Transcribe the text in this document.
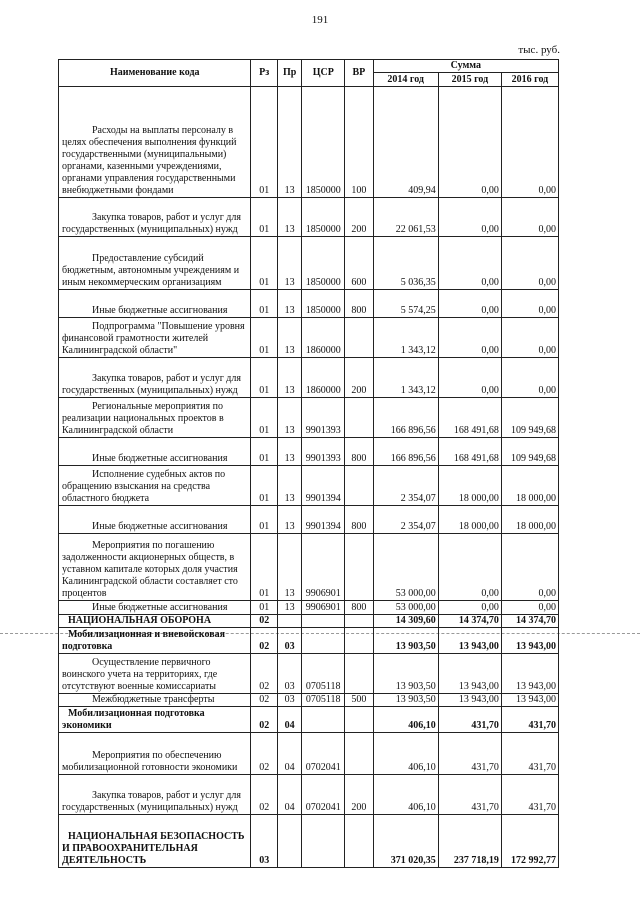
191
тыс. руб.
Наименование кода	Рз	Пр	ЦСР	ВР	Сумма		
					2014 год	2015 год	2016 год
Расходы на выплаты персоналу в целях обеспечения выполнения функций государственными (муниципальными) органами, казенными учреждениями, органами управления государственными внебюджетными фондами	01	13	1850000	100	409,94	0,00	0,00
Закупка товаров, работ и услуг для государственных (муниципальных) нужд	01	13	1850000	200	22 061,53	0,00	0,00
Предоставление субсидий бюджетным, автономным учреждениям и иным некоммерческим организациям	01	13	1850000	600	5 036,35	0,00	0,00
Иные бюджетные ассигнования	01	13	1850000	800	5 574,25	0,00	0,00
Подпрограмма "Повышение уровня финансовой грамотности жителей Калининградской области"	01	13	1860000		1 343,12	0,00	0,00
Закупка товаров, работ и услуг для государственных (муниципальных) нужд	01	13	1860000	200	1 343,12	0,00	0,00
Региональные мероприятия по реализации национальных проектов в Калининградской области	01	13	9901393		166 896,56	168 491,68	109 949,68
Иные бюджетные ассигнования	01	13	9901393	800	166 896,56	168 491,68	109 949,68
Исполнение судебных актов по обращению взыскания на средства областного бюджета	01	13	9901394		2 354,07	18 000,00	18 000,00
Иные бюджетные ассигнования	01	13	9901394	800	2 354,07	18 000,00	18 000,00
Мероприятия по погашению задолженности акционерных обществ, в уставном капитале которых доля участия Калининградской области составляет сто процентов	01	13	9906901		53 000,00	0,00	0,00
Иные бюджетные ассигнования	01	13	9906901	800	53 000,00	0,00	0,00
НАЦИОНАЛЬНАЯ ОБОРОНА	02				14 309,60	14 374,70	14 374,70
Мобилизационная и вневойсковая подготовка	02	03			13 903,50	13 943,00	13 943,00
Осуществление первичного воинского учета на территориях, где отсутствуют военные комиссариаты	02	03	0705118		13 903,50	13 943,00	13 943,00
Межбюджетные трансферты	02	03	0705118	500	13 903,50	13 943,00	13 943,00
Мобилизационная подготовка экономики	02	04			406,10	431,70	431,70
Мероприятия по обеспечению мобилизационной готовности экономики	02	04	0702041		406,10	431,70	431,70
Закупка товаров, работ и услуг для государственных (муниципальных) нужд	02	04	0702041	200	406,10	431,70	431,70
НАЦИОНАЛЬНАЯ БЕЗОПАСНОСТЬ И ПРАВООХРАНИТЕЛЬНАЯ ДЕЯТЕЛЬНОСТЬ	03				371 020,35	237 718,19	172 992,77
